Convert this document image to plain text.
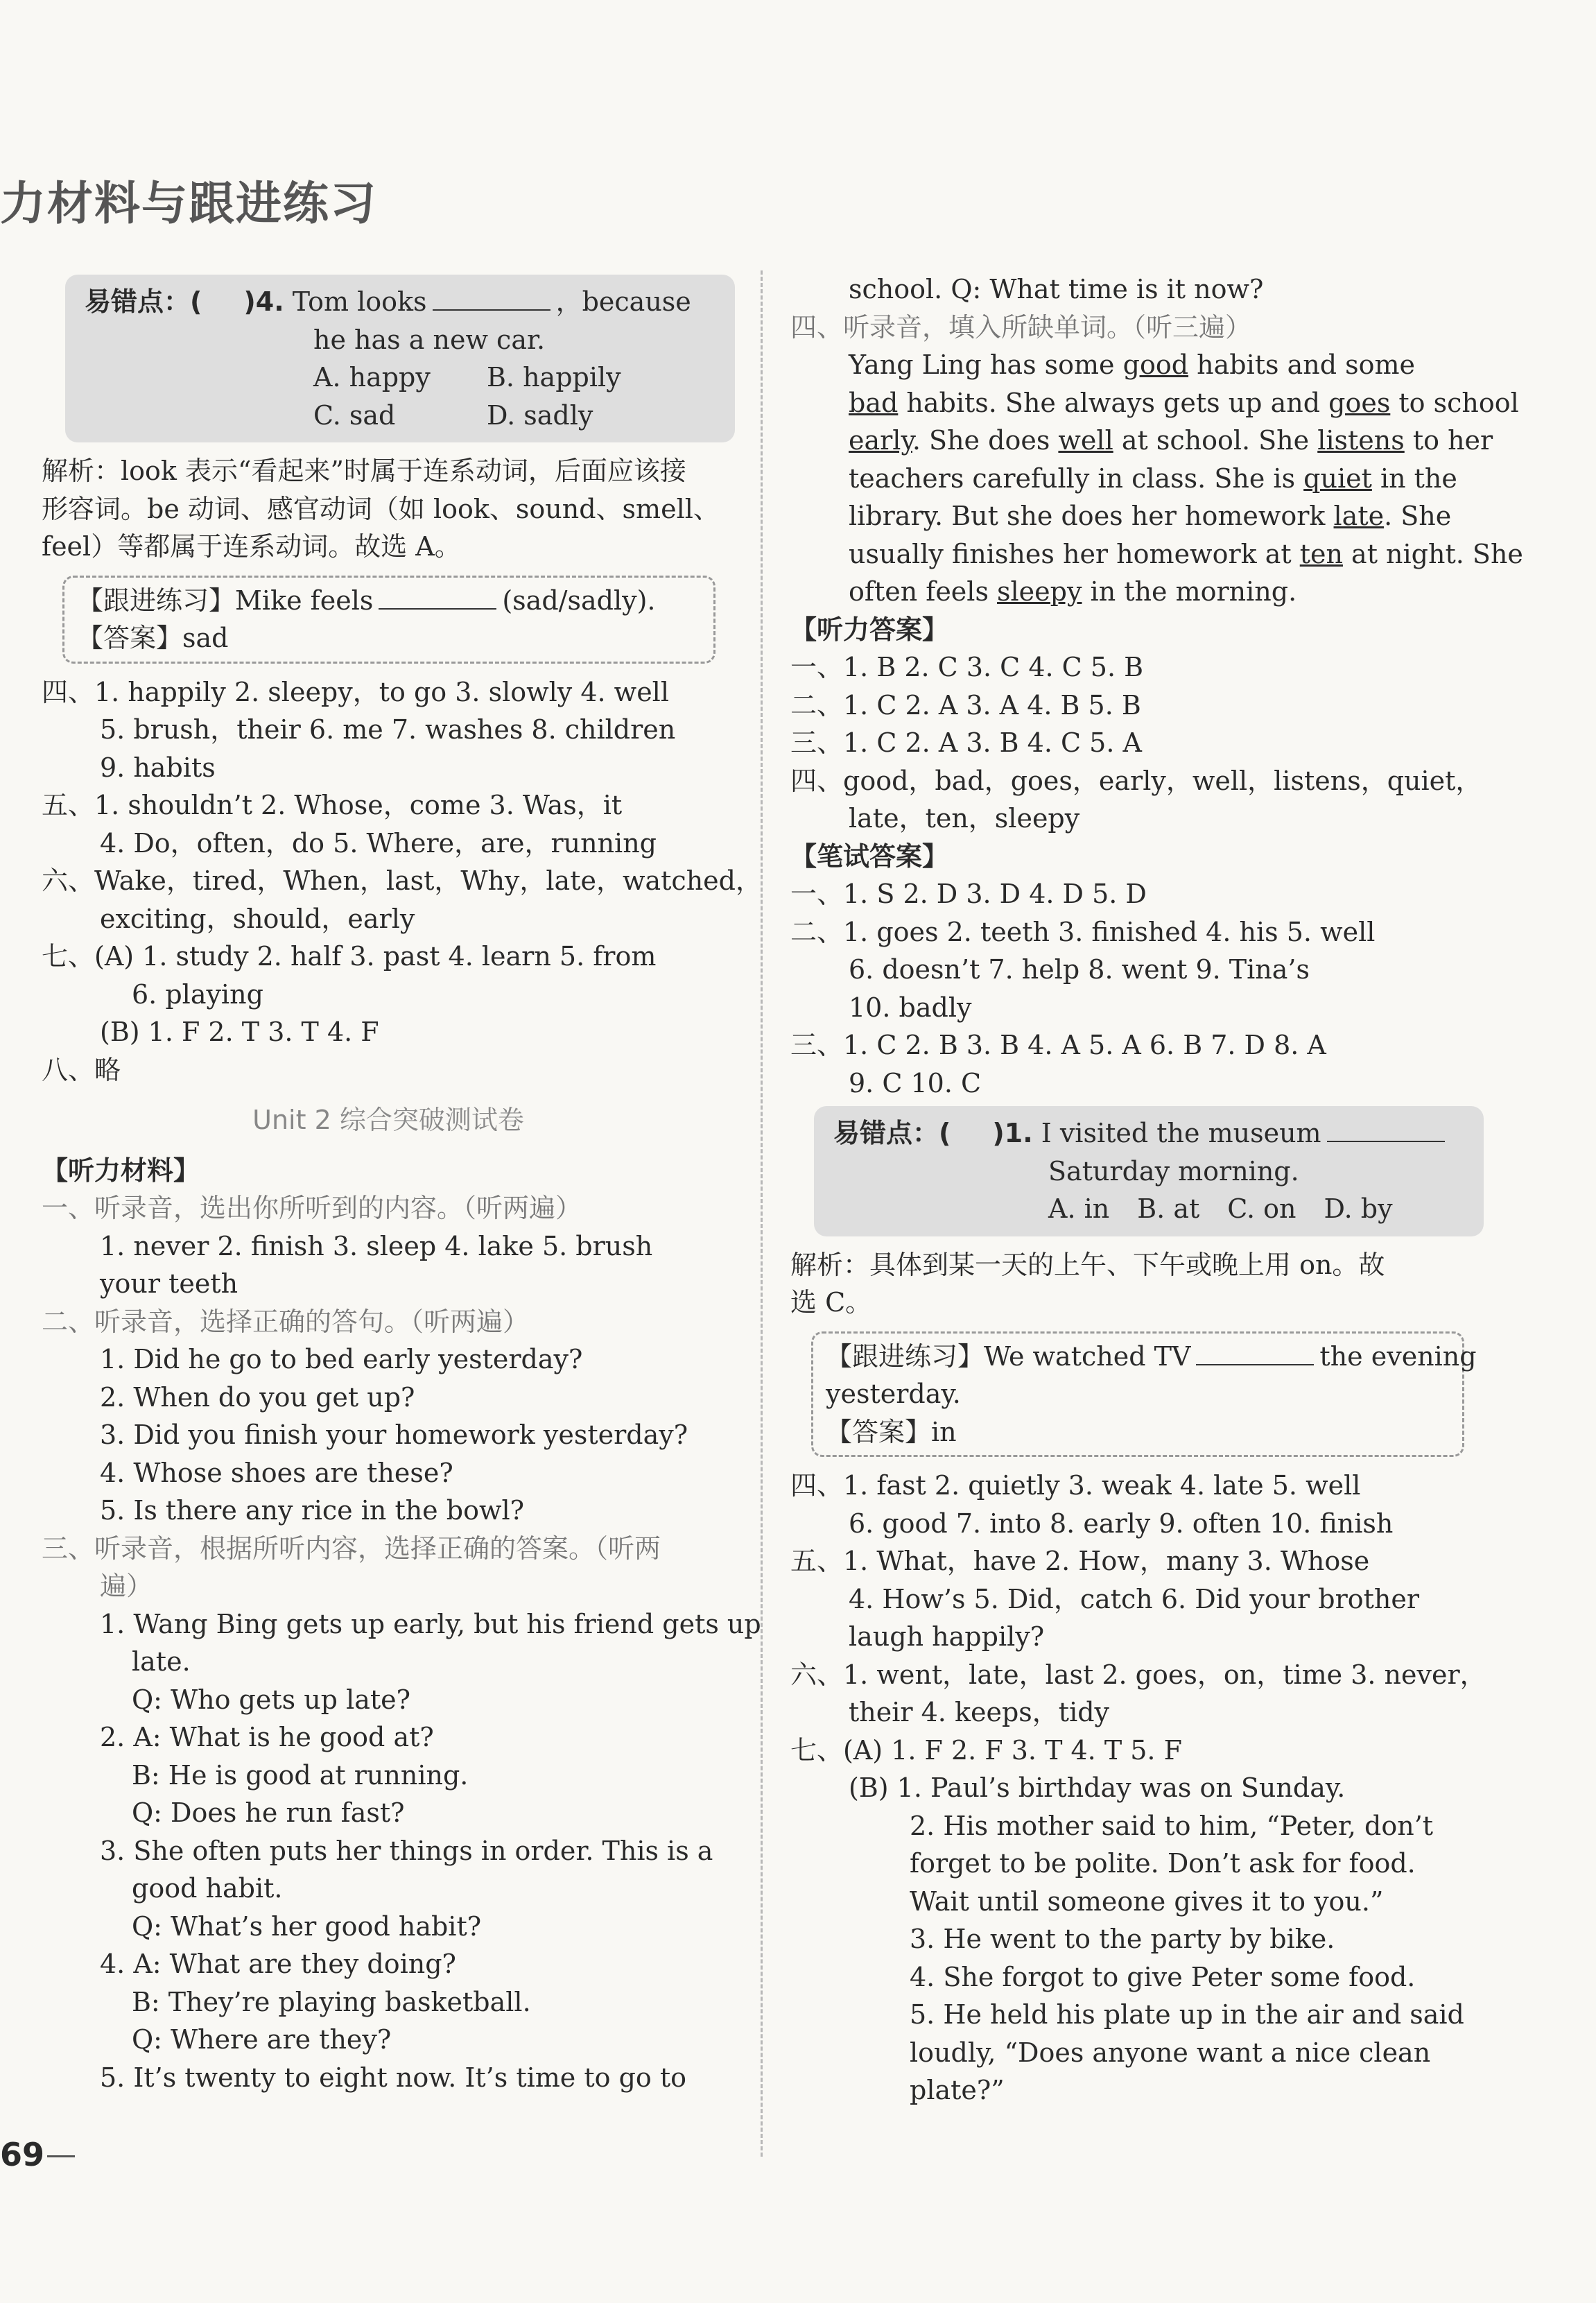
力材料与跟进练习
易错点：( )4. Tom looks	，because
he has a new car.
A. happy B. happily
C. sad	D. sadly
解析：look 表示“看起来”时属于连系动词，后面应该接
形容词。be 动词、感官动词（如 look、sound、smell、
feel）等都属于连系动词。故选 A。
【跟进练习】Mike feels	(sad/sadly).
【答案】sad
四、1. happily 2. sleepy，to go 3. slowly 4. well
5. brush，their 6. me 7. washes 8. children
9. habits
五、1. shouldn’t 2. Whose，come 3. Was，it
4. Do，often，do 5. Where，are，running
六、Wake，tired，When，last，Why，late，watched，
exciting，should，early
七、(A) 1. study 2. half 3. past 4. learn 5. from
6. playing
(B) 1. F 2. T 3. T 4. F
八、略
Unit 2 综合突破测试卷
【听力材料】
一、听录音，选出你所听到的内容。（听两遍）
1. never 2. finish 3. sleep 4. lake 5. brush
your teeth
二、听录音，选择正确的答句。（听两遍）
1. Did he go to bed early yesterday?
2. When do you get up?
3. Did you finish your homework yesterday?
4. Whose shoes are these?
5. Is there any rice in the bowl?
三、听录音，根据所听内容，选择正确的答案。（听两
遍）
1. Wang Bing gets up early, but his friend gets up
late.
Q: Who gets up late?
2. A: What is he good at?
B: He is good at running.
Q: Does he run fast?
3. She often puts her things in order. This is a
good habit.
Q: What’s her good habit?
4. A: What are they doing?
B: They’re playing basketball.
Q: Where are they?
5. It’s twenty to eight now. It’s time to go to
school. Q: What time is it now?
四、听录音，填入所缺单词。（听三遍）
Yang Ling has some good habits and some
bad habits. She always gets up and goes to school
early. She does well at school. She listens to her
teachers carefully in class. She is quiet in the
library. But she does her homework late. She
usually finishes her homework at ten at night. She
often feels sleepy in the morning.
【听力答案】
一、1. B 2. C 3. C 4. C 5. B
二、1. C 2. A 3. A 4. B 5. B
三、1. C 2. A 3. B 4. C 5. A
四、good，bad，goes，early，well，listens，quiet，
late，ten，sleepy
【笔试答案】
一、1. S 2. D 3. D 4. D 5. D
二、1. goes 2. teeth 3. finished 4. his 5. well
6. doesn’t 7. help 8. went 9. Tina’s
10. badly
三、1. C 2. B 3. B 4. A 5. A 6. B 7. D 8. A
9. C 10. C
易错点：( )1. I visited the museum
Saturday morning.
A. in B. at C. on D. by
解析：具体到某一天的上午、下午或晚上用 on。故
选 C。
【跟进练习】We watched TV	the evening
yesterday.
【答案】in
四、1. fast 2. quietly 3. weak 4. late 5. well
6. good 7. into 8. early 9. often 10. finish
五、1. What，have 2. How，many 3. Whose
4. How’s 5. Did，catch 6. Did your brother
laugh happily?
六、1. went，late，last 2. goes，on，time 3. never，
their 4. keeps，tidy
七、(A) 1. F 2. F 3. T 4. T 5. F
(B) 1. Paul’s birthday was on Sunday.
2. His mother said to him, “Peter, don’t
forget to be polite. Don’t ask for food.
Wait until someone gives it to you.”
3. He went to the party by bike.
4. She forgot to give Peter some food.
5. He held his plate up in the air and said
loudly, “Does anyone want a nice clean
plate?”
69
